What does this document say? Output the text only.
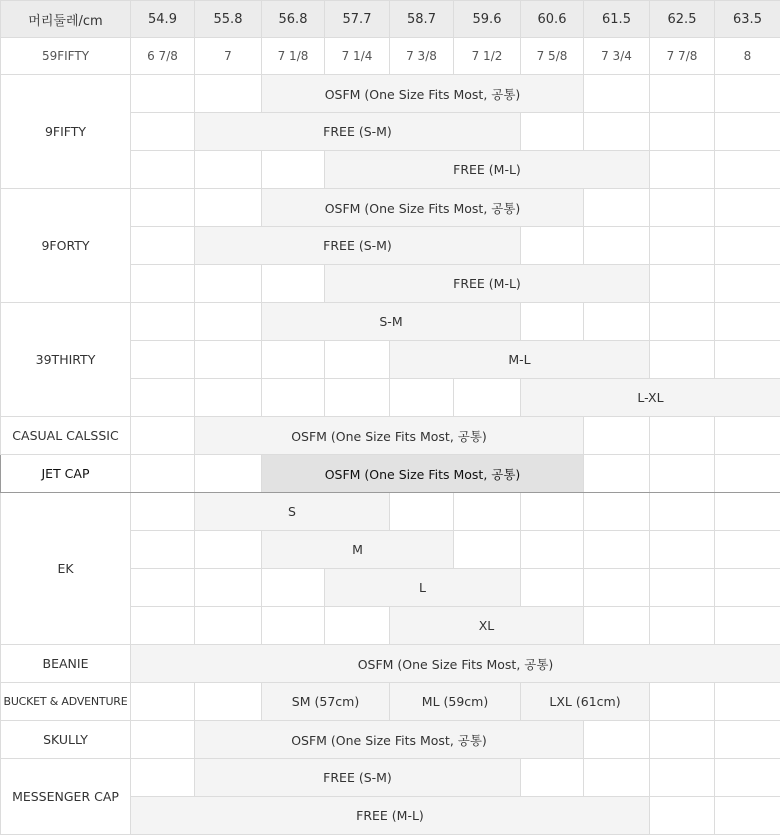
머리둘레/cm	54.9	55.8	56.8	57.7	58.7	59.6	60.6	61.5	62.5	63.5
59FIFTY	6 7/8	7	7 1/8	7 1/4	7 3/8	7 1/2	7 5/8	7 3/4	7 7/8	8
9FIFTY			OSFM (One Size Fits Most, 공통)							
		FREE (S-M)								
				FREE (M-L)						
9FORTY			OSFM (One Size Fits Most, 공통)							
		FREE (S-M)								
				FREE (M-L)						
39THIRTY			S-M							
					M-L					
							L-XL			
CASUAL CALSSIC		OSFM (One Size Fits Most, 공통)								
JET CAP			OSFM (One Size Fits Most, 공통)							
EK		S								
			M							
				L						
					XL					
BEANIE	OSFM (One Size Fits Most, 공통)									
BUCKET & ADVENTURE			SM (57cm)		ML (59cm)		LXL (61cm)			
SKULLY		OSFM (One Size Fits Most, 공통)								
MESSENGER CAP		FREE (S-M)								
	FREE (M-L)									
